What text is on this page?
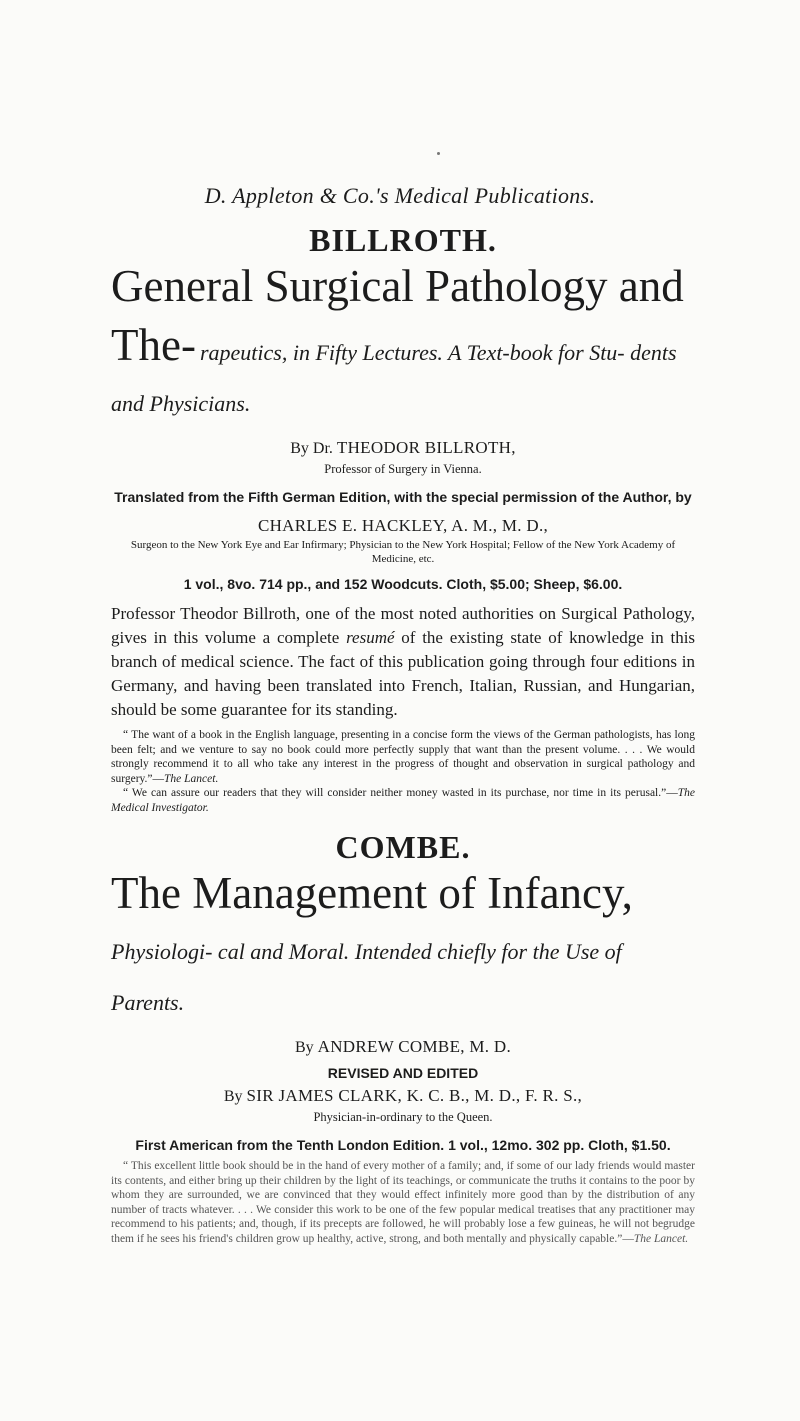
D. Appleton & Co.'s Medical Publications.
BILLROTH.
General Surgical Pathology and The- rapeutics, in Fifty Lectures. A Text-book for Stu- dents and Physicians.
By Dr. THEODOR BILLROTH,
Professor of Surgery in Vienna.
Translated from the Fifth German Edition, with the special permission of the Author, by
CHARLES E. HACKLEY, A. M., M. D.,
Surgeon to the New York Eye and Ear Infirmary; Physician to the New York Hospital; Fellow of the New York Academy of Medicine, etc.
1 vol., 8vo. 714 pp., and 152 Woodcuts. Cloth, $5.00; Sheep, $6.00.
Professor Theodor Billroth, one of the most noted authorities on Surgical Pathology, gives in this volume a complete resumé of the existing state of knowledge in this branch of medical science. The fact of this publication going through four editions in Germany, and having been translated into French, Italian, Russian, and Hungarian, should be some guarantee for its standing.
“ The want of a book in the English language, presenting in a concise form the views of the German pathologists, has long been felt; and we venture to say no book could more perfectly supply that want than the present volume. . . . We would strongly recommend it to all who take any interest in the progress of thought and observation in surgical pathology and surgery.”—The Lancet.
“ We can assure our readers that they will consider neither money wasted in its purchase, nor time in its perusal.”—The Medical Investigator.
COMBE.
The Management of Infancy, Physiologi- cal and Moral. Intended chiefly for the Use of Parents.
By ANDREW COMBE, M. D.
REVISED AND EDITED
By SIR JAMES CLARK, K. C. B., M. D., F. R. S.,
Physician-in-ordinary to the Queen.
First American from the Tenth London Edition. 1 vol., 12mo. 302 pp. Cloth, $1.50.
“ This excellent little book should be in the hand of every mother of a family; and, if some of our lady friends would master its contents, and either bring up their children by the light of its teachings, or communicate the truths it contains to the poor by whom they are surrounded, we are convinced that they would effect infinitely more good than by the distribution of any number of tracts whatever. . . . We consider this work to be one of the few popular medical treatises that any practitioner may recommend to his patients; and, though, if its precepts are followed, he will probably lose a few guineas, he will not begrudge them if he sees his friend's children grow up healthy, active, strong, and both mentally and physically capable.”—The Lancet.
